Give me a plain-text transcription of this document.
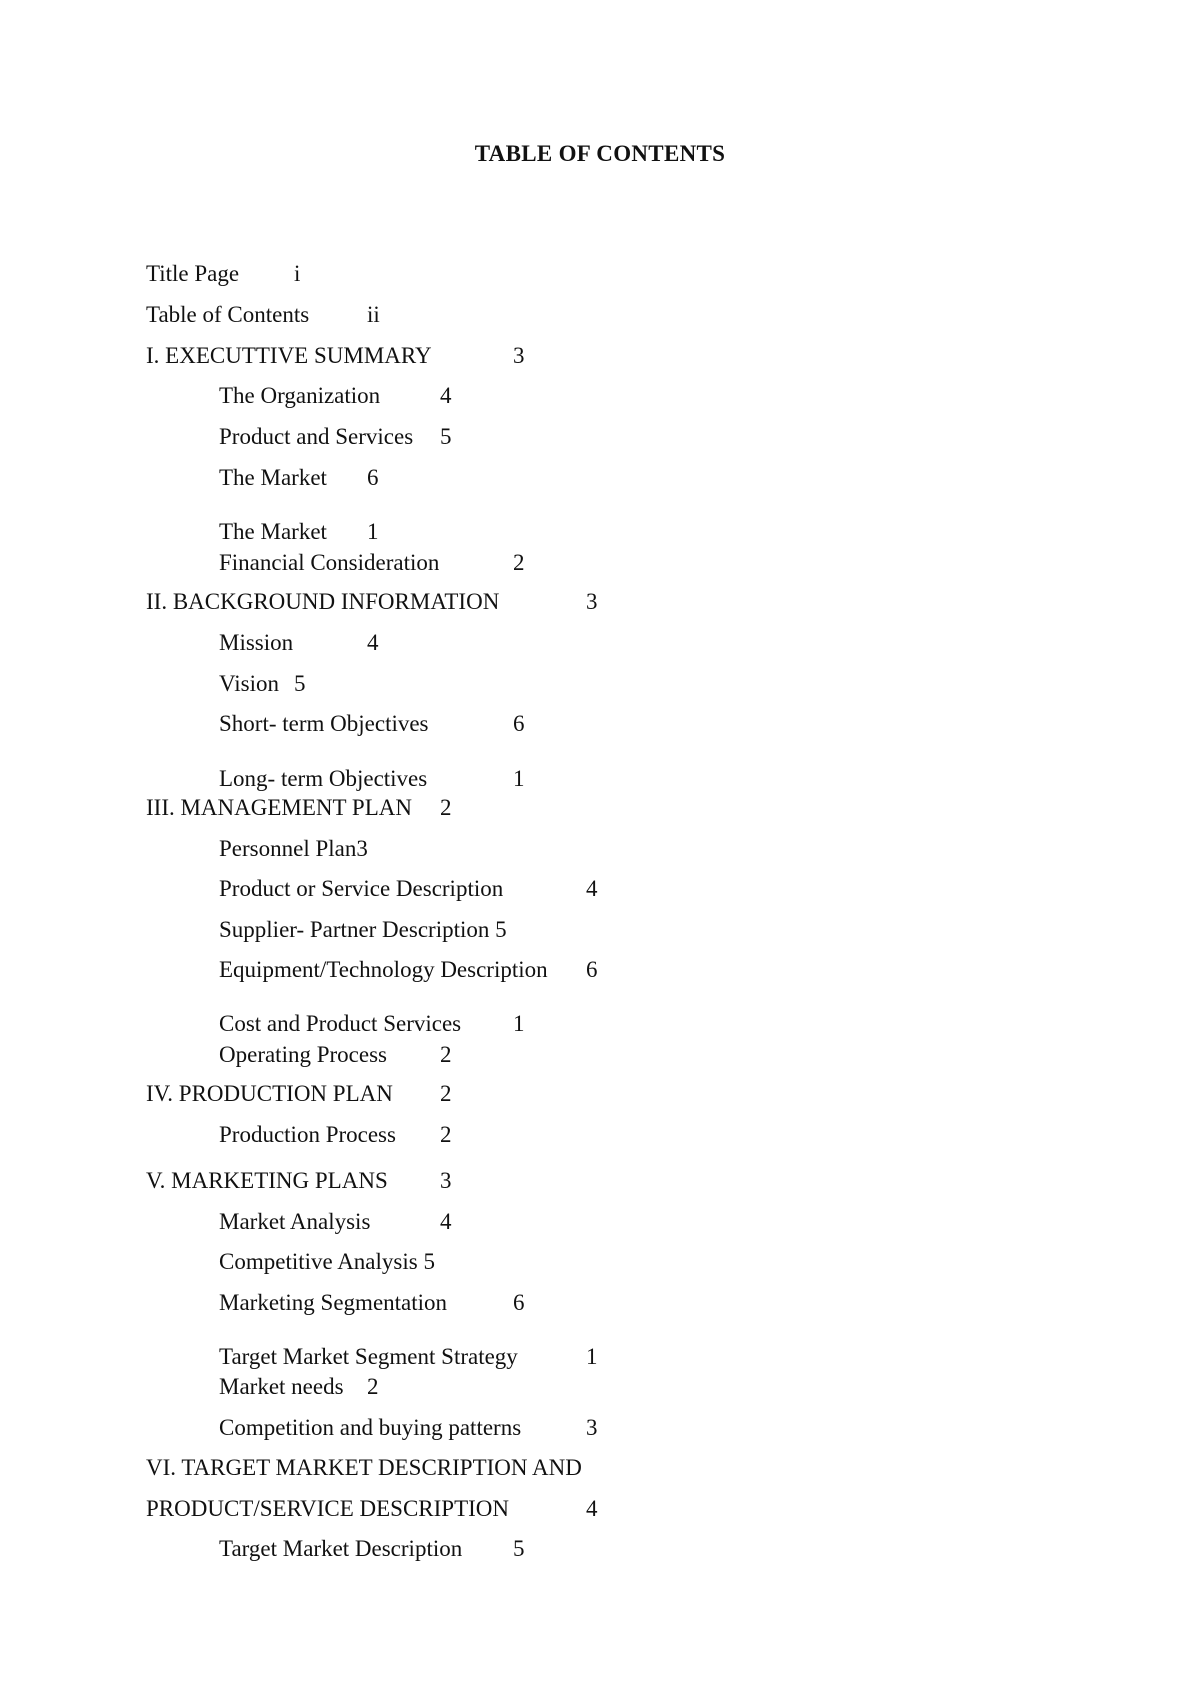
TABLE OF CONTENTS
Title Page i
Table of Contents	ii
I. EXECUTTIVE SUMMARY	3
The Organization	4
Product and Services 5
The Market 6
The Market 1
Financial Consideration	2
II. BACKGROUND INFORMATION	3
Mission	4
Vision 5
Short- term Objectives	6
Long- term Objectives	1
III. MANAGEMENT PLAN 2
Personnel Plan3
Product or Service Description	4
Supplier- Partner Description 5
Equipment/Technology Description 6
Cost and Product Services 1
Operating Process 2
IV. PRODUCTION PLAN 2
Production Process 2
V. MARKETING PLANS 3
Market Analysis	4
Competitive Analysis 5
Marketing Segmentation	6
Target Market Segment Strategy	1
Market needs 2
Competition and buying patterns	3
VI. TARGET MARKET DESCRIPTION AND
PRODUCT/SERVICE DESCRIPTION	4
Target Market Description 5
